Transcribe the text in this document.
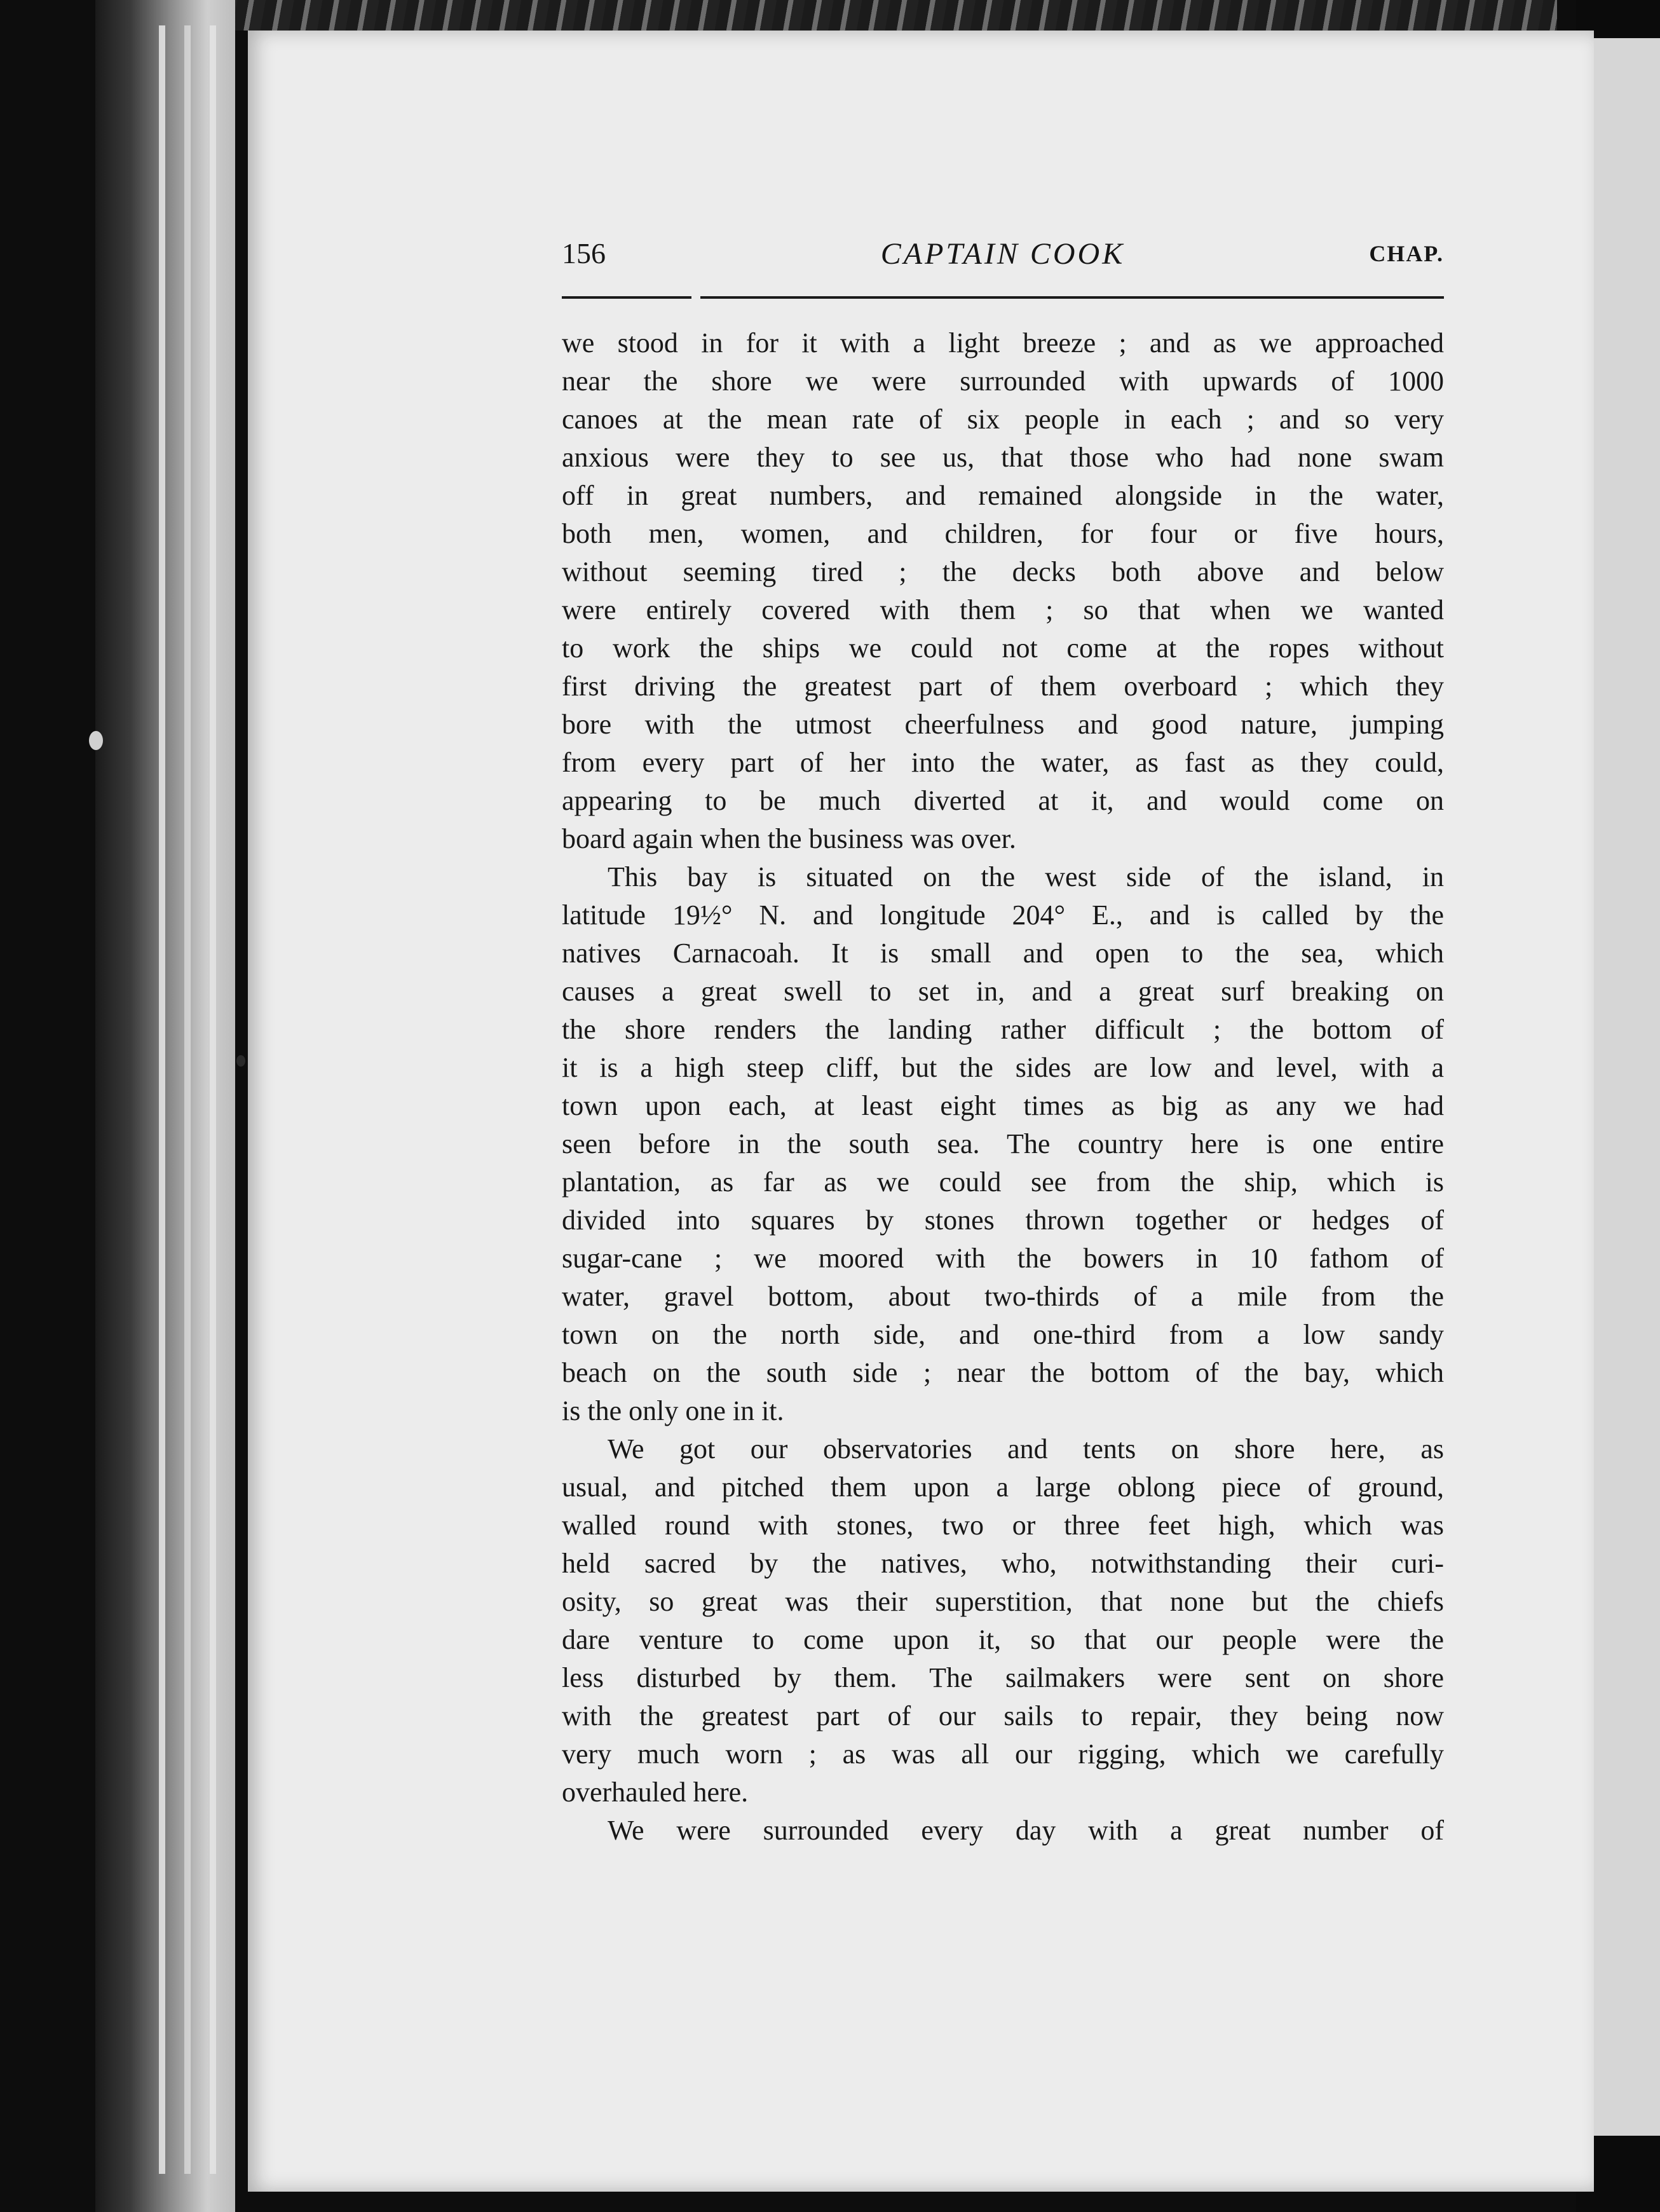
156	CAPTAIN COOK	CHAP.
we stood in for it with a light breeze ; and as we approached
near the shore we were surrounded with upwards of 1000
canoes at the mean rate of six people in each ; and so very
anxious were they to see us, that those who had none swam
off in great numbers, and remained alongside in the water,
both men, women, and children, for four or five hours,
without seeming tired ; the decks both above and below
were entirely covered with them ; so that when we wanted
to work the ships we could not come at the ropes without
first driving the greatest part of them overboard ; which they
bore with the utmost cheerfulness and good nature, jumping
from every part of her into the water, as fast as they could,
appearing to be much diverted at it, and would come on
board again when the business was over.
This bay is situated on the west side of the island, in
latitude 19½° N. and longitude 204° E., and is called by the
natives Carnacoah. It is small and open to the sea, which
causes a great swell to set in, and a great surf breaking on
the shore renders the landing rather difficult ; the bottom of
it is a high steep cliff, but the sides are low and level, with a
town upon each, at least eight times as big as any we had
seen before in the south sea. The country here is one entire
plantation, as far as we could see from the ship, which is
divided into squares by stones thrown together or hedges of
sugar-cane ; we moored with the bowers in 10 fathom of
water, gravel bottom, about two-thirds of a mile from the
town on the north side, and one-third from a low sandy
beach on the south side ; near the bottom of the bay, which
is the only one in it.
We got our observatories and tents on shore here, as
usual, and pitched them upon a large oblong piece of ground,
walled round with stones, two or three feet high, which was
held sacred by the natives, who, notwithstanding their curi-
osity, so great was their superstition, that none but the chiefs
dare venture to come upon it, so that our people were the
less disturbed by them. The sailmakers were sent on shore
with the greatest part of our sails to repair, they being now
very much worn ; as was all our rigging, which we carefully
overhauled here.
We were surrounded every day with a great number of
